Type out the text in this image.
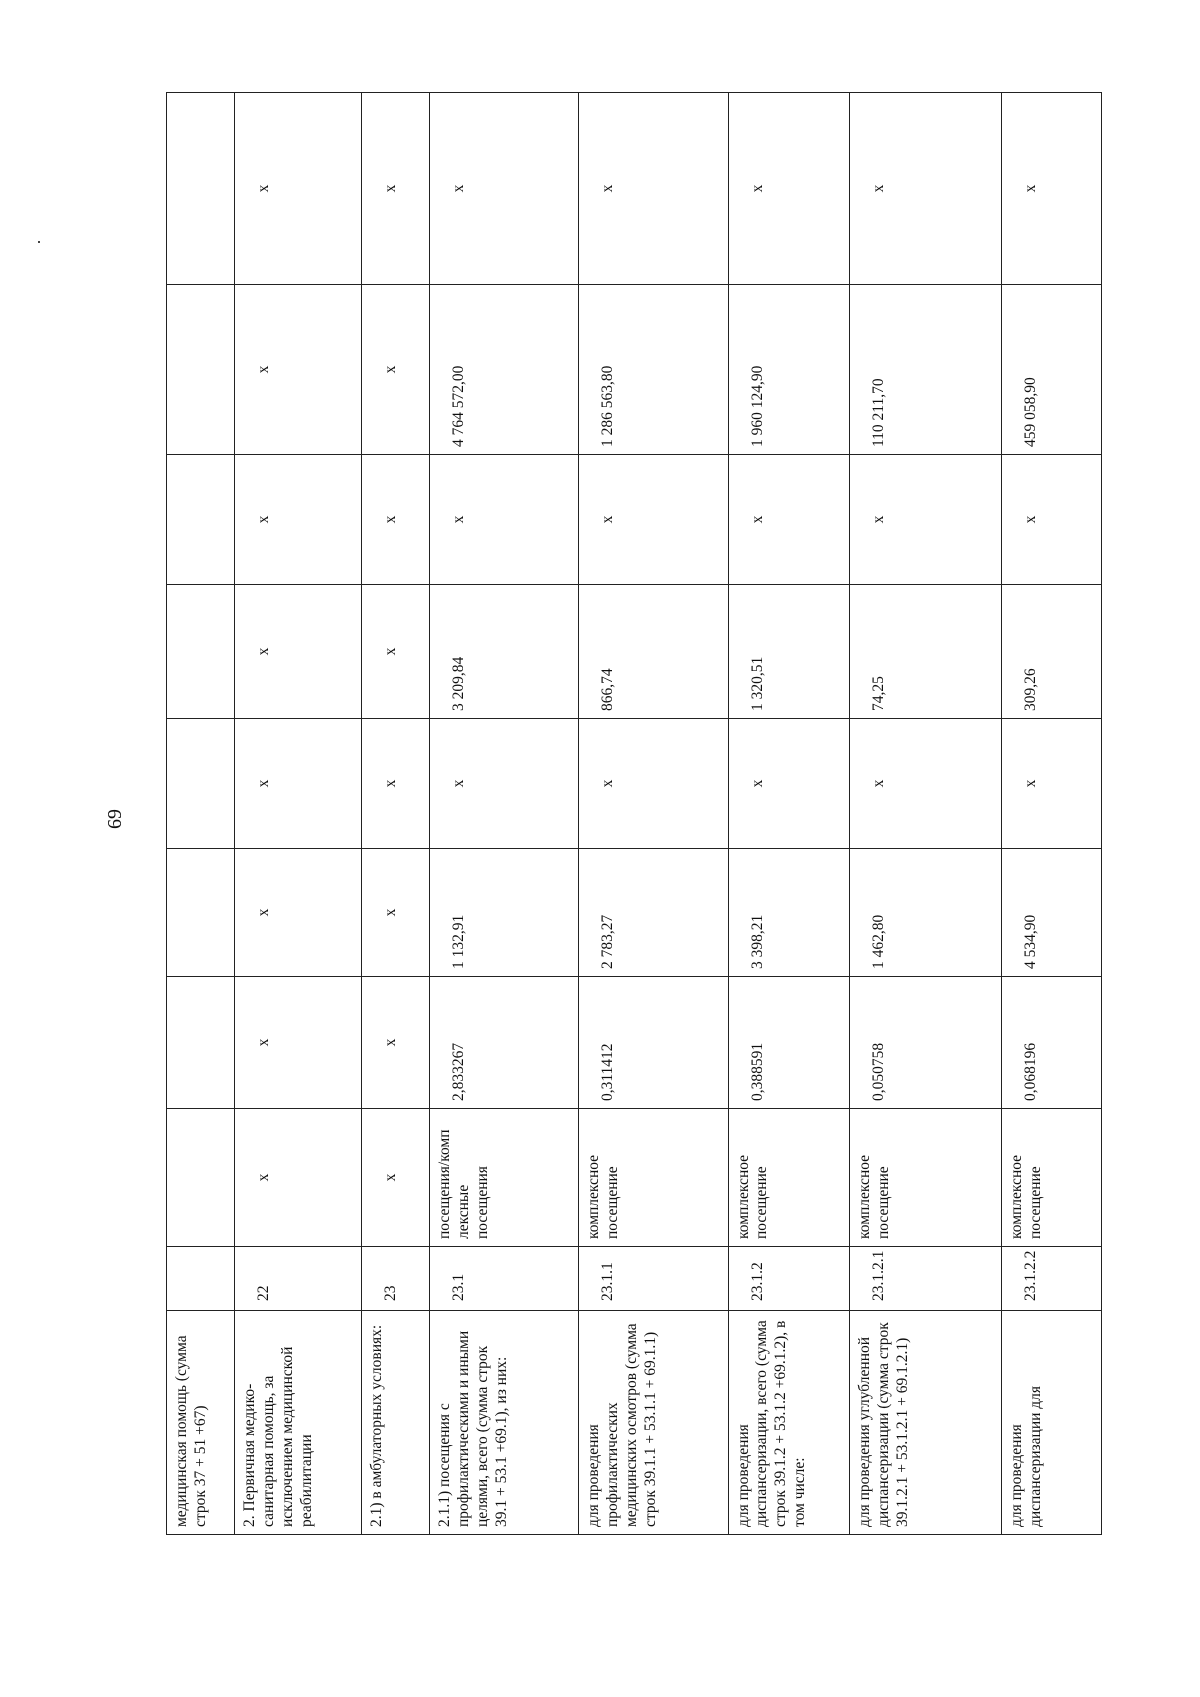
69
медицинская помощь (сумма строк 37 + 51 +67)									
2. Первичная медико-санитарная помощь, за исключением медицинской реабилитации	22	х	х	х	х	х	х	х	х
2.1) в амбулаторных условиях:	23	х	х	х	х	х	х	х	х
2.1.1) посещения с профилактическими и иными целями, всего (сумма строк 39.1 + 53.1 +69.1), из них:	23.1	посещения/комп лексные посещения	2,833267	1 132,91	х	3 209,84	х	4 764 572,00	х
для проведения профилактических медицинских осмотров (сумма строк 39.1.1 + 53.1.1 + 69.1.1)	23.1.1	комплексное посещение	0,311412	2 783,27	х	866,74	х	1 286 563,80	х
для проведения диспансеризации, всего (сумма строк 39.1.2 + 53.1.2 +69.1.2), в том числе:	23.1.2	комплексное посещение	0,388591	3 398,21	х	1 320,51	х	1 960 124,90	х
для проведения углубленной диспансеризации (сумма строк 39.1.2.1 + 53.1.2.1 + 69.1.2.1)	23.1.2.1	комплексное посещение	0,050758	1 462,80	х	74,25	х	110 211,70	х
для проведения диспансеризации для	23.1.2.2	комплексное посещение	0,068196	4 534,90	х	309,26	х	459 058,90	х
